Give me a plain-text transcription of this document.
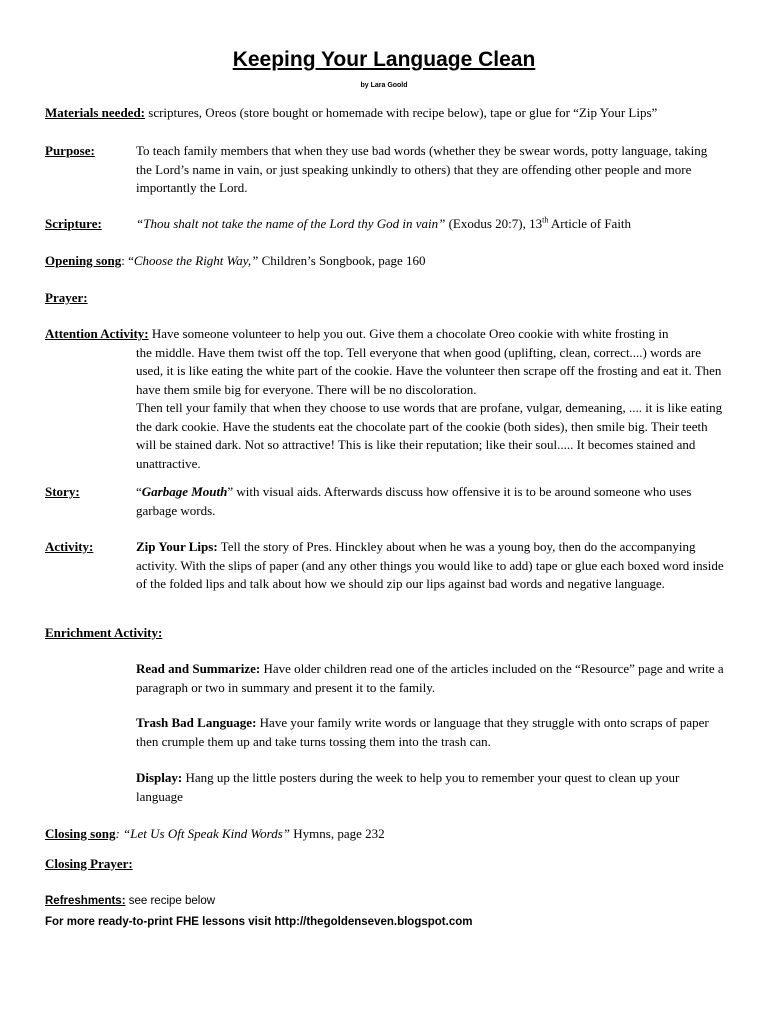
Keeping Your Language Clean
by Lara Goold
Materials needed: scriptures, Oreos (store bought or homemade with recipe below), tape or glue for “Zip Your Lips”
Purpose:	To teach family members that when they use bad words (whether they be swear words, potty language, taking the Lord’s name in vain, or just speaking unkindly to others) that they are offending other people and more importantly the Lord.
Scripture:	“Thou shalt not take the name of the Lord thy God in vain” (Exodus 20:7), 13th Article of Faith
Opening song: “Choose the Right Way,” Children’s Songbook, page 160
Prayer:
Attention Activity: Have someone volunteer to help you out. Give them a chocolate Oreo cookie with white frosting in
the middle. Have them twist off the top. Tell everyone that when good (uplifting, clean, correct....) words are used, it is like eating the white part of the cookie. Have the volunteer then scrape off the frosting and eat it. Then have them smile big for everyone. There will be no discoloration.
Then tell your family that when they choose to use words that are profane, vulgar, demeaning, .... it is like eating the dark cookie. Have the students eat the chocolate part of the cookie (both sides), then smile big. Their teeth will be stained dark. Not so attractive! This is like their reputation; like their soul..... It becomes stained and unattractive.
Story:	“Garbage Mouth” with visual aids. Afterwards discuss how offensive it is to be around someone who uses garbage words.
Activity:	Zip Your Lips: Tell the story of Pres. Hinckley about when he was a young boy, then do the accompanying activity. With the slips of paper (and any other things you would like to add) tape or glue each boxed word inside of the folded lips and talk about how we should zip our lips against bad words and negative language.
Enrichment Activity:
Read and Summarize: Have older children read one of the articles included on the “Resource” page and write a paragraph or two in summary and present it to the family.
Trash Bad Language: Have your family write words or language that they struggle with onto scraps of paper then crumple them up and take turns tossing them into the trash can.
Display: Hang up the little posters during the week to help you to remember your quest to clean up your language
Closing song: “Let Us Oft Speak Kind Words” Hymns, page 232
Closing Prayer:
Refreshments: see recipe below
For more ready-to-print FHE lessons visit http://thegoldenseven.blogspot.com
